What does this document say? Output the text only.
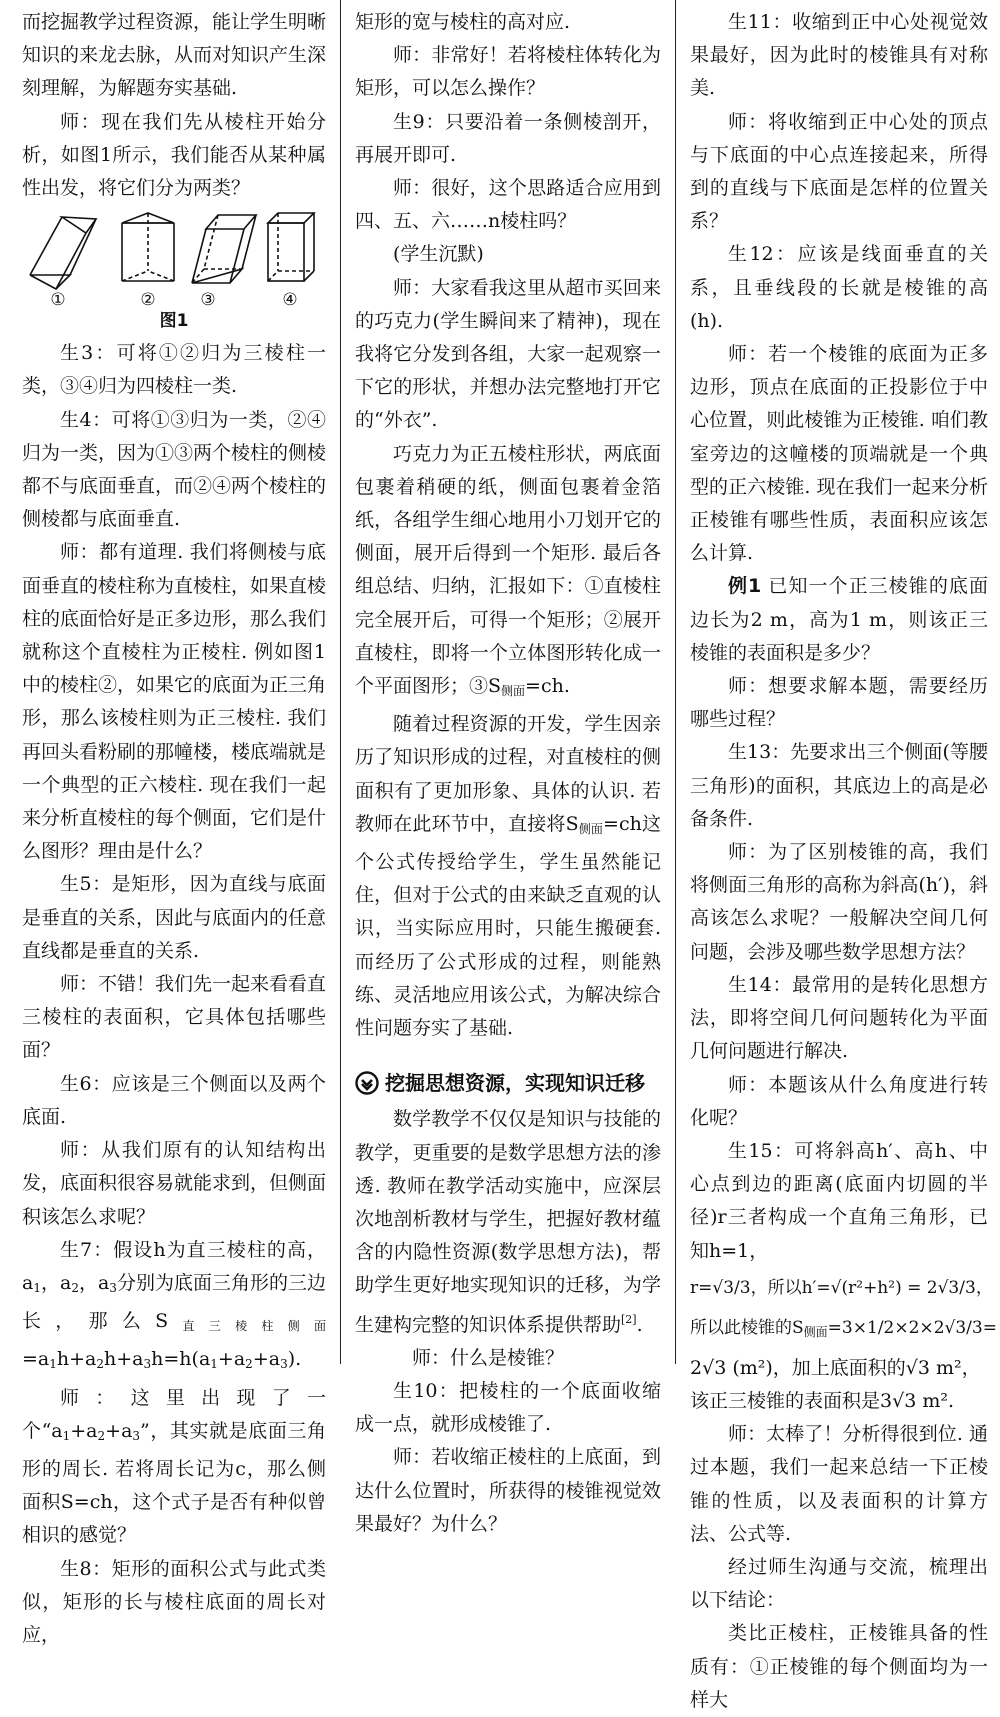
而挖掘教学过程资源，能让学生明晰知识的来龙去脉，从而对知识产生深刻理解，为解题夯实基础.

师：现在我们先从棱柱开始分析，如图1所示，我们能否从某种属性出发，将它们分为两类？

①	②	③	④
图1

生3：可将①②归为三棱柱一类，③④归为四棱柱一类.

生4：可将①③归为一类，②④归为一类，因为①③两个棱柱的侧棱都不与底面垂直，而②④两个棱柱的侧棱都与底面垂直.

师：都有道理. 我们将侧棱与底面垂直的棱柱称为直棱柱，如果直棱柱的底面恰好是正多边形，那么我们就称这个直棱柱为正棱柱. 例如图1中的棱柱②，如果它的底面为正三角形，那么该棱柱则为正三棱柱. 我们再回头看粉刷的那幢楼，楼底端就是一个典型的正六棱柱. 现在我们一起来分析直棱柱的每个侧面，它们是什么图形？理由是什么？

生5：是矩形，因为直线与底面是垂直的关系，因此与底面内的任意直线都是垂直的关系.

师：不错！我们先一起来看看直三棱柱的表面积，它具体包括哪些面？

生6：应该是三个侧面以及两个底面.

师：从我们原有的认知结构出发，底面积很容易就能求到，但侧面积该怎么求呢？

生7：假设h为直三棱柱的高，$a_1$，$a_2$，$a_3$分别为底面三角形的三边长，那么$S_{直三棱柱侧面}=a_1h+a_2h+a_3h=h(a_1+a_2+a_3)$.

师：这里出现了一个“$a_1+a_2+a_3$”，其实就是底面三角形的周长. 若将周长记为c，那么侧面积S=ch，这个式子是否有种似曾相识的感觉？

生8：矩形的面积公式与此式类似，矩形的长与棱柱底面的周长对应，

矩形的宽与棱柱的高对应.

师：非常好！若将棱柱体转化为矩形，可以怎么操作？

生9：只要沿着一条侧棱剖开，再展开即可.

师：很好，这个思路适合应用到四、五、六……n棱柱吗？

(学生沉默)

师：大家看我这里从超市买回来的巧克力(学生瞬间来了精神)，现在我将它分发到各组，大家一起观察一下它的形状，并想办法完整地打开它的“外衣”.

巧克力为正五棱柱形状，两底面包裹着稍硬的纸，侧面包裹着金箔纸，各组学生细心地用小刀划开它的侧面，展开后得到一个矩形. 最后各组总结、归纳，汇报如下：①直棱柱完全展开后，可得一个矩形；②展开直棱柱，即将一个立体图形转化成一个平面图形；$③S_{侧面}=ch$.

随着过程资源的开发，学生因亲历了知识形成的过程，对直棱柱的侧面积有了更加形象、具体的认识. 若教师在此环节中，直接将$S_{侧面}=ch$这个公式传授给学生，学生虽然能记住，但对于公式的由来缺乏直观的认识，当实际应用时，只能生搬硬套. 而经历了公式形成的过程，则能熟练、灵活地应用该公式，为解决综合性问题夯实了基础.

挖掘思想资源，实现知识迁移

数学教学不仅仅是知识与技能的教学，更重要的是数学思想方法的渗透. 教师在教学活动实施中，应深层次地剖析教材与学生，把握好教材蕴含的内隐性资源(数学思想方法)，帮助学生更好地实现知识的迁移，为学生建构完整的知识体系提供帮助[2].

师：什么是棱锥？

生10：把棱柱的一个底面收缩成一点，就形成棱锥了.

师：若收缩正棱柱的上底面，到达什么位置时，所获得的棱锥视觉效果最好？为什么？

生11：收缩到正中心处视觉效果最好，因为此时的棱锥具有对称美.

师：将收缩到正中心处的顶点与下底面的中心点连接起来，所得到的直线与下底面是怎样的位置关系？

生12：应该是线面垂直的关系，且垂线段的长就是棱锥的高(h).

师：若一个棱锥的底面为正多边形，顶点在底面的正投影位于中心位置，则此棱锥为正棱锥. 咱们教室旁边的这幢楼的顶端就是一个典型的正六棱锥. 现在我们一起来分析正棱锥有哪些性质，表面积应该怎么计算.

例1 已知一个正三棱锥的底面边长为2 m，高为1 m，则该正三棱锥的表面积是多少？

师：想要求解本题，需要经历哪些过程？

生13：先要求出三个侧面(等腰三角形)的面积，其底边上的高是必备条件.

师：为了区别棱锥的高，我们将侧面三角形的高称为斜高(h′)，斜高该怎么求呢？一般解决空间几何问题，会涉及哪些数学思想方法？

生14：最常用的是转化思想方法，即将空间几何问题转化为平面几何问题进行解决.

师：本题该从什么角度进行转化呢？

生15：可将斜高h′、高h、中心点到边的距离(底面内切圆的半径)r三者构成一个直角三角形，已知h=1，

r=√3/3，所以h′=√(r²+h²) = 2√3/3，

所以此棱锥的$S_{侧面}=3\times 1/2\times 2\times 2√3/3=$

2√3 (m²)，加上底面积的√3 m²，

该正三棱锥的表面积是3√3 m².

师：太棒了！分析得很到位. 通过本题，我们一起来总结一下正棱锥的性质，以及表面积的计算方法、公式等.

经过师生沟通与交流，梳理出以下结论：

类比正棱柱，正棱锥具备的性质有：①正棱锥的每个侧面均为一样大
